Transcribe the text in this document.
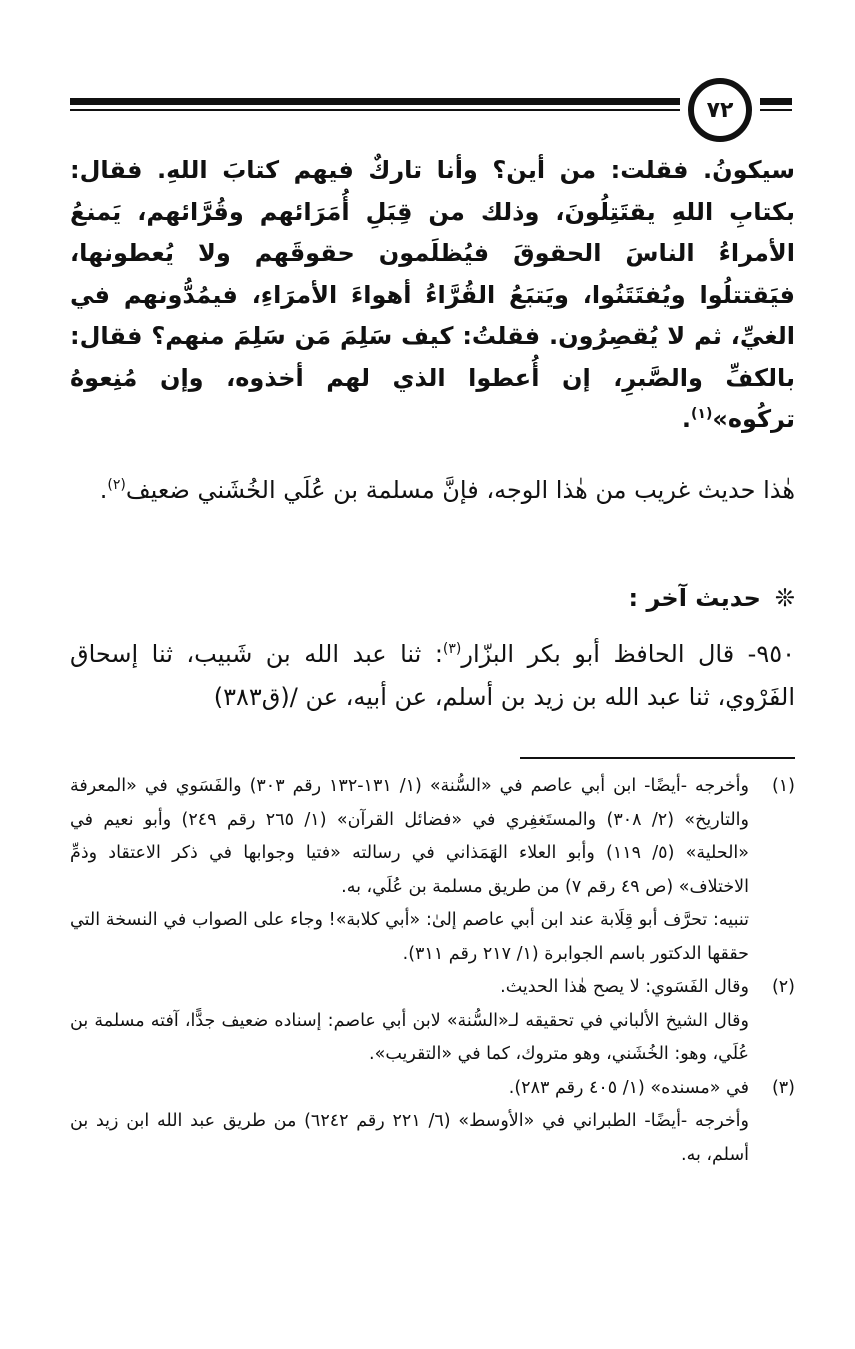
٧٢
سيكونُ. فقلت: من أين؟ وأنا تاركٌ فيهم كتابَ اللهِ. فقال: بكتابِ اللهِ يقتَتِلُونَ، وذلك من قِبَلِ أُمَرَائهم وقُرَّائهم، يَمنعُ الأمراءُ الناسَ الحقوقَ فيُظلَمون حقوقَهم ولا يُعطونها، فيَقتتلُوا ويُفتَتَنُوا، ويَتبَعُ القُرَّاءُ أهواءَ الأمرَاءِ، فيمُدُّونهم في الغيِّ، ثم لا يُقصِرُون. فقلتُ: كيف سَلِمَ مَن سَلِمَ منهم؟ فقال: بالكفِّ والصَّبرِ، إن أُعطوا الذي لهم أخذوه، وإن مُنِعوهُ تركُوه»$^{(١)}$.
هٰذا حديث غريب من هٰذا الوجه، فإنَّ مسلمة بن عُلَي الخُشَني ضعيف$^{(٢)}$.
❊حديث آخر :
٩٥٠- قال الحافظ أبو بكر البزّار$^{(٣)}$: ثنا عبد الله بن شَبيب، ثنا إسحاق الفَرْوي، ثنا عبد الله بن زيد بن أسلم، عن أبيه، عن /(ق٣٨٣)
(١)

وأخرجه -أيضًا- ابن أبي عاصم في «السُّنة» (١/ ١٣١-١٣٢ رقم ٣٠٣) والفَسَوي في «المعرفة والتاريخ» (٢/ ٣٠٨) والمستَغفِري في «فضائل القرآن» (١/ ٢٦٥ رقم ٢٤٩) وأبو نعيم في «الحلية» (٥/ ١١٩) وأبو العلاء الهَمَذاني في رسالته «فتيا وجوابها في ذكر الاعتقاد وذمِّ الاختلاف» (ص ٤٩ رقم ٧) من طريق مسلمة بن عُلَي، به.

تنبيه: تحرَّف أبو قِلَابة عند ابن أبي عاصم إلىٰ: «أبي كلابة»! وجاء على الصواب في النسخة التي حققها الدكتور باسم الجوابرة (١/ ٢١٧ رقم ٣١١).

(٢)

وقال الفَسَوي: لا يصح هٰذا الحديث.

وقال الشيخ الألباني في تحقيقه لـ«السُّنة» لابن أبي عاصم: إسناده ضعيف جدًّا، آفته مسلمة بن عُلَي، وهو: الخُشَني، وهو متروك، كما في «التقريب».

(٣)

في «مسنده» (١/ ٤٠٥ رقم ٢٨٣).

وأخرجه -أيضًا- الطبراني في «الأوسط» (٦/ ٢٢١ رقم ٦٢٤٢) من طريق عبد الله ابن زيد بن أسلم، به.
